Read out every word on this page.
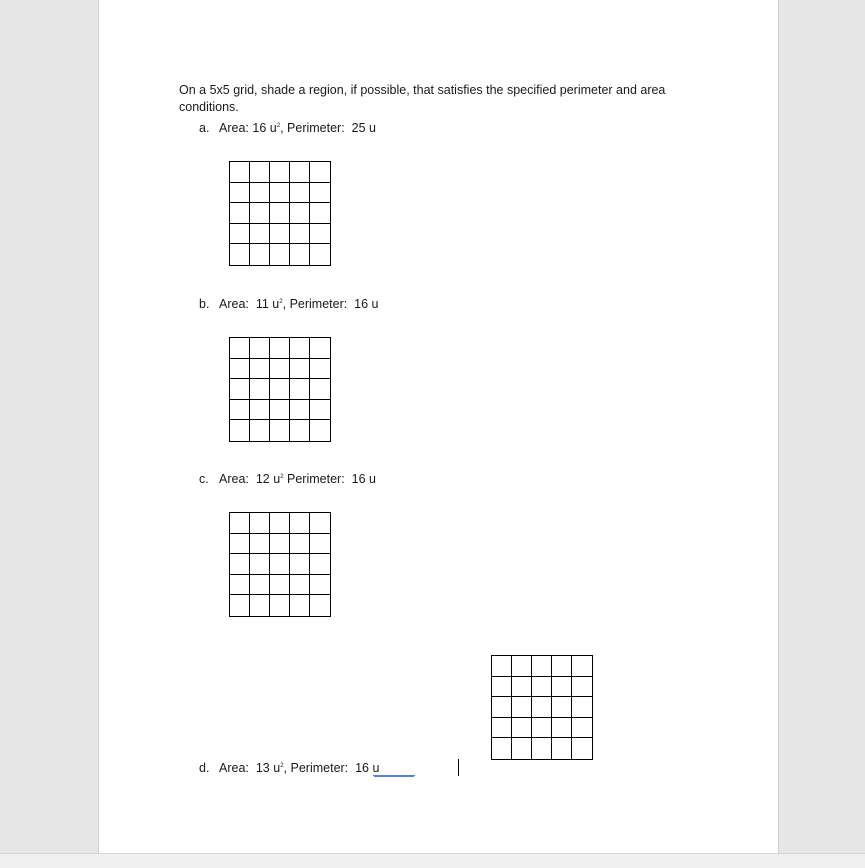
On a 5x5 grid, shade a region, if possible, that satisfies the specified perimeter and area conditions.

a. Area: 16 $u^2$, Perimeter: 25 u
b. Area: 11 $u^2$, Perimeter: 16 u
c. Area: 12 $u^2$ Perimeter: 16 u
d. Area: 13 $u^2$, Perimeter: 16 u
